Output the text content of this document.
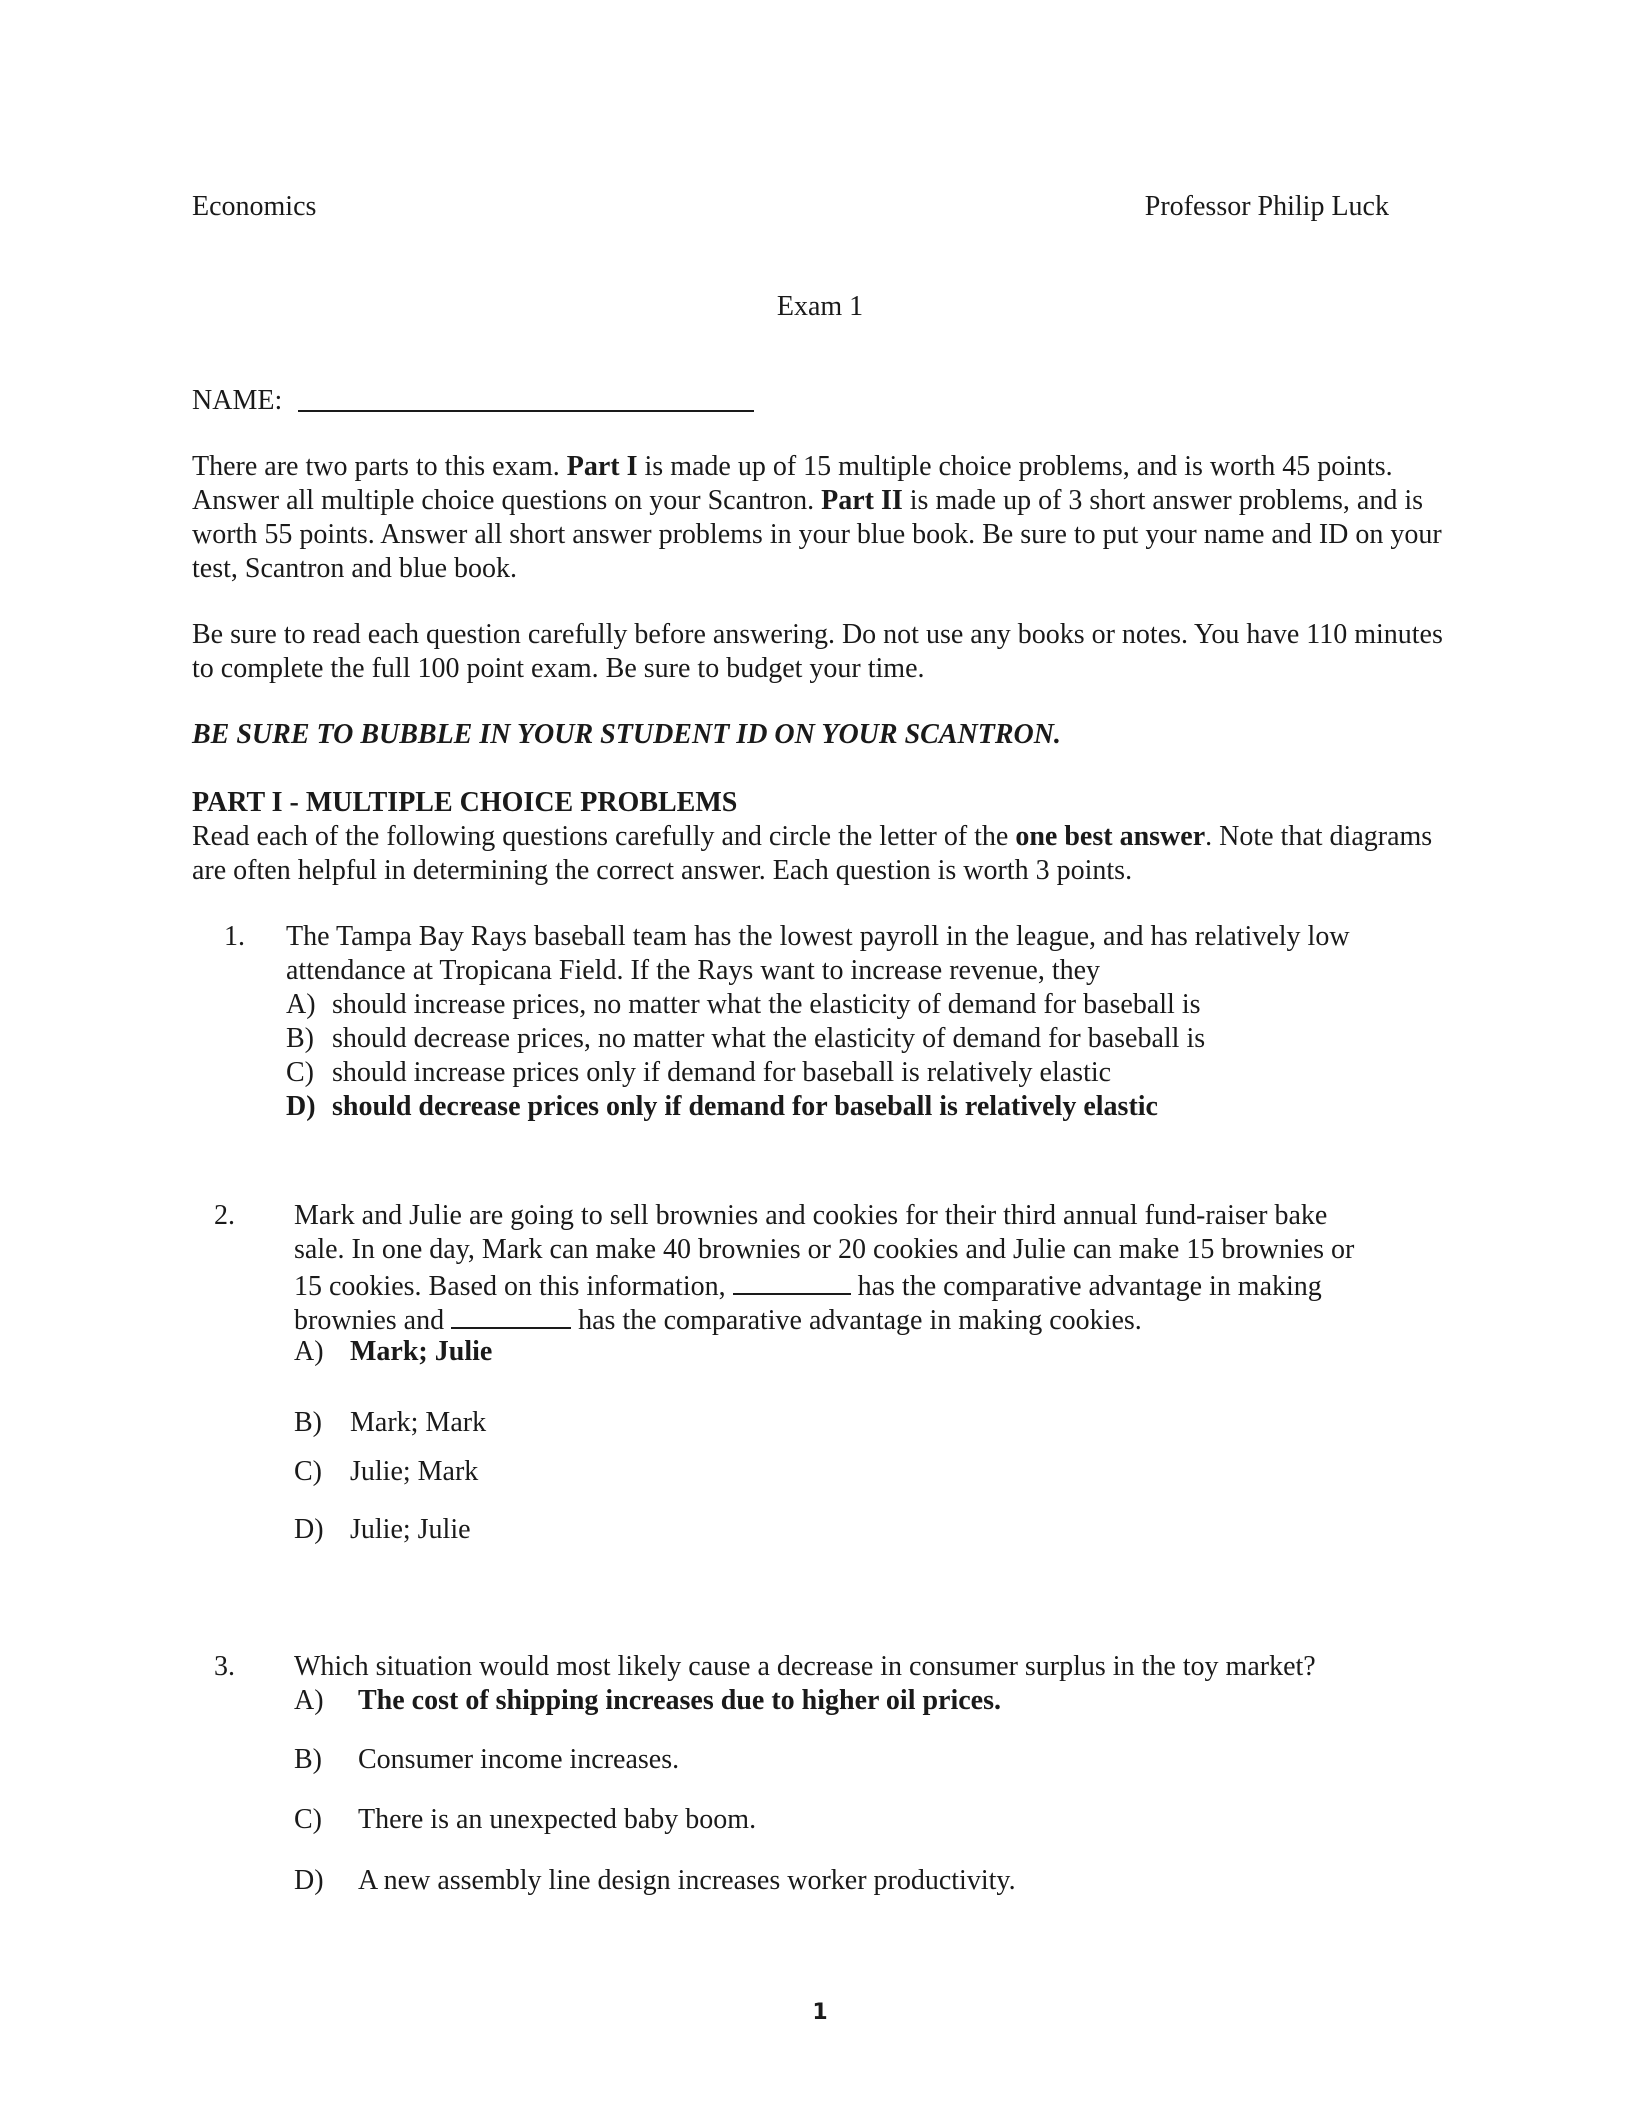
Economics	Professor Philip Luck
Exam 1
NAME:
There are two parts to this exam. Part I is made up of 15 multiple choice problems, and is worth 45 points. Answer all multiple choice questions on your Scantron. Part II is made up of 3 short answer problems, and is worth 55 points. Answer all short answer problems in your blue book. Be sure to put your name and ID on your test, Scantron and blue book.
Be sure to read each question carefully before answering. Do not use any books or notes. You have 110 minutes to complete the full 100 point exam. Be sure to budget your time.
BE SURE TO BUBBLE IN YOUR STUDENT ID ON YOUR SCANTRON.
PART I - MULTIPLE CHOICE PROBLEMS
Read each of the following questions carefully and circle the letter of the one best answer. Note that diagrams are often helpful in determining the correct answer. Each question is worth 3 points.
1. The Tampa Bay Rays baseball team has the lowest payroll in the league, and has relatively low
attendance at Tropicana Field. If the Rays want to increase revenue, they
A) should increase prices, no matter what the elasticity of demand for baseball is
B) should decrease prices, no matter what the elasticity of demand for baseball is
C) should increase prices only if demand for baseball is relatively elastic
D) should decrease prices only if demand for baseball is relatively elastic
2. Mark and Julie are going to sell brownies and cookies for their third annual fund-raiser bake
sale. In one day, Mark can make 40 brownies or 20 cookies and Julie can make 15 brownies or
15 cookies. Based on this information,	has the comparative advantage in making
brownies and	has the comparative advantage in making cookies.
A) Mark; Julie
B) Mark; Mark
C) Julie; Mark
D) Julie; Julie
3. Which situation would most likely cause a decrease in consumer surplus in the toy market?
A) The cost of shipping increases due to higher oil prices.
B) Consumer income increases.
C) There is an unexpected baby boom.
D) A new assembly line design increases worker productivity.
1
